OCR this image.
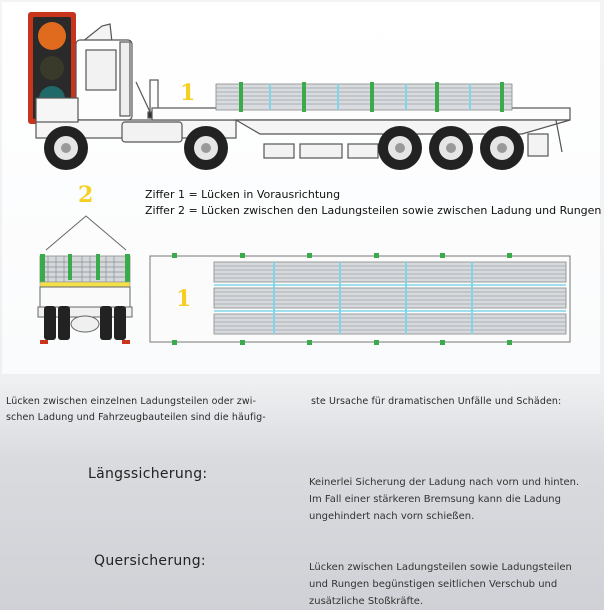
1
2
1
Ziffer 1 = Lücken in Vorausrichtung
Ziffer 2 = Lücken zwischen den Ladungsteilen sowie zwischen Ladung und Rungen
Lücken zwischen einzelnen Ladungsteilen oder zwi-
schen Ladung und Fahrzeugbauteilen sind die häufig-
ste Ursache für dramatischen Unfälle und Schäden:
Längssicherung:
Keinerlei Sicherung der Ladung nach vorn und hinten.
Im Fall einer stärkeren Bremsung kann die Ladung
ungehindert nach vorn schießen.
Quersicherung:	Lücken zwischen Ladungsteilen sowie Ladungsteilen
und Rungen begünstigen seitlichen Verschub und
zusätzliche Stoßkräfte.
